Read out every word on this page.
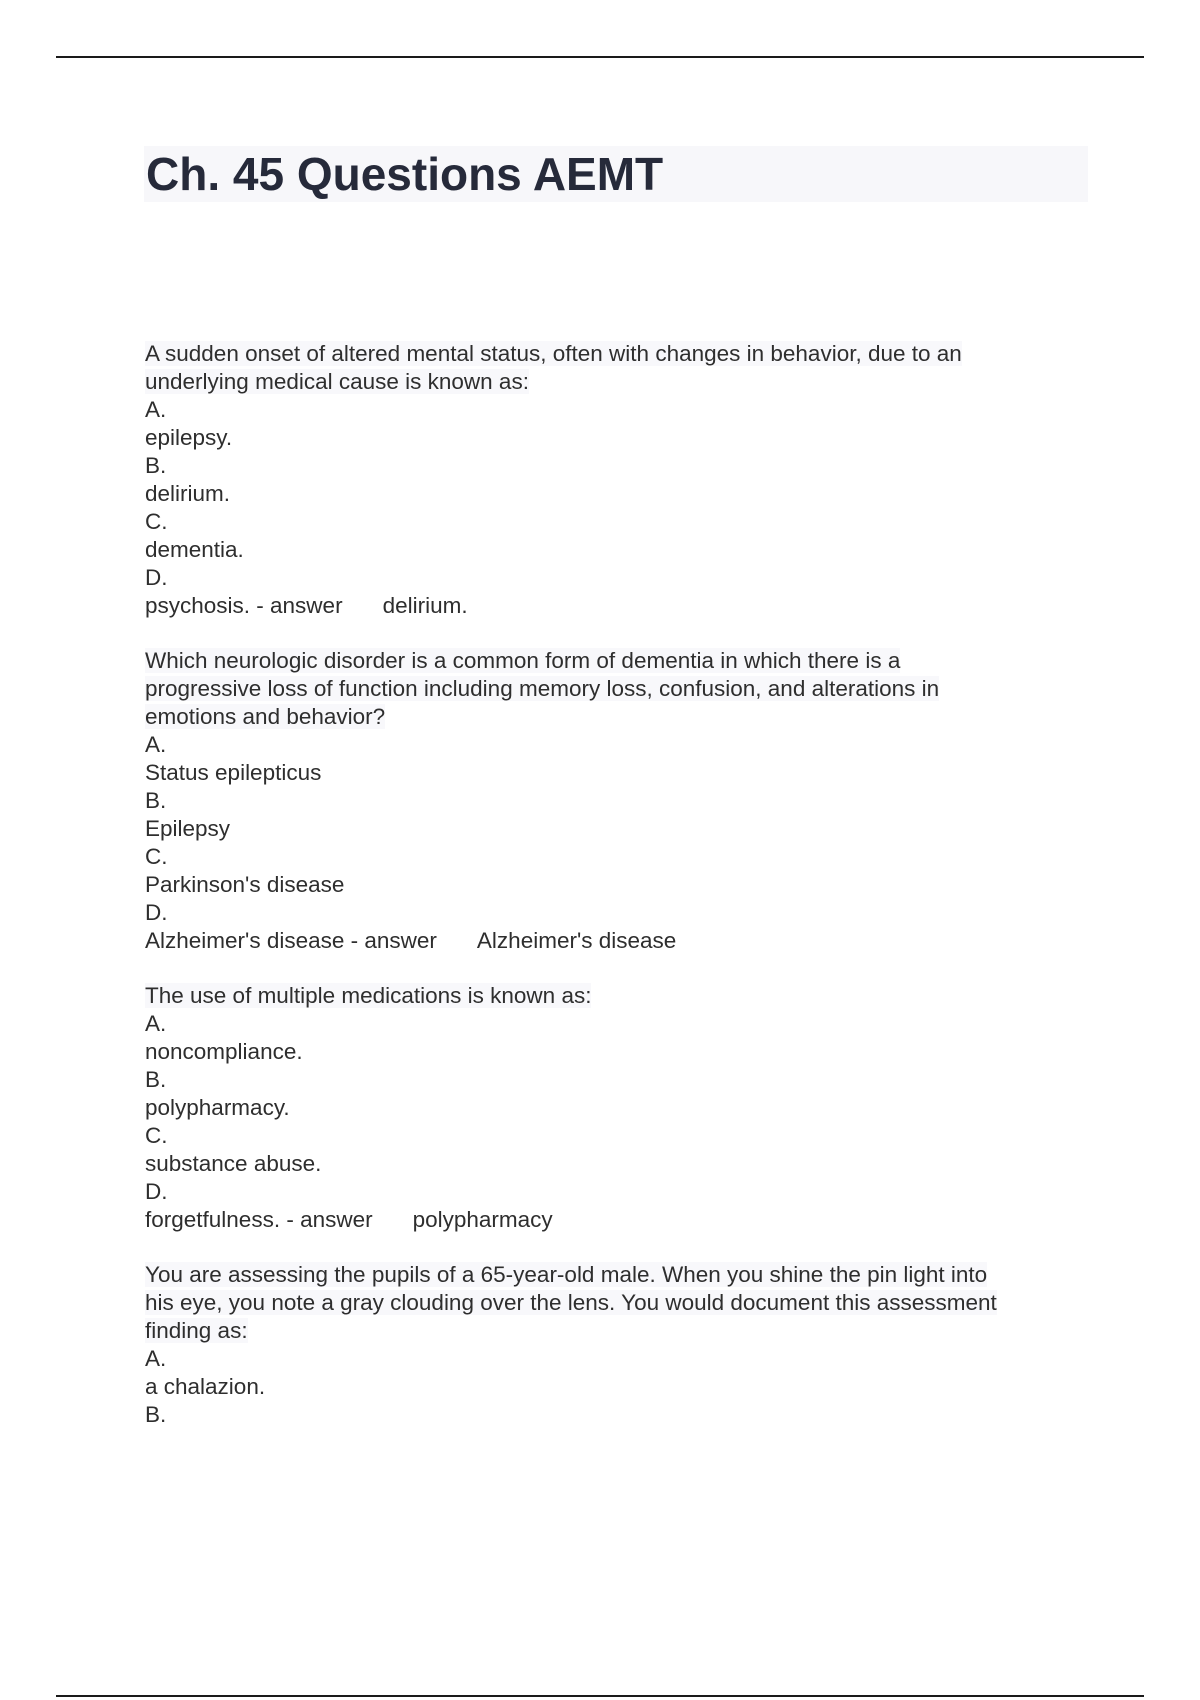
Ch. 45 Questions AEMT
A sudden onset of altered mental status, often with changes in behavior, due to an
underlying medical cause is known as:
A.
epilepsy.
B.
delirium.
C.
dementia.
D.
psychosis. - answer delirium.
Which neurologic disorder is a common form of dementia in which there is a
progressive loss of function including memory loss, confusion, and alterations in
emotions and behavior?
A.
Status epilepticus
B.
Epilepsy
C.
Parkinson's disease
D.
Alzheimer's disease - answer Alzheimer's disease
The use of multiple medications is known as:
A.
noncompliance.
B.
polypharmacy.
C.
substance abuse.
D.
forgetfulness. - answer polypharmacy
You are assessing the pupils of a 65-year-old male. When you shine the pin light into
his eye, you note a gray clouding over the lens. You would document this assessment
finding as:
A.
a chalazion.
B.
